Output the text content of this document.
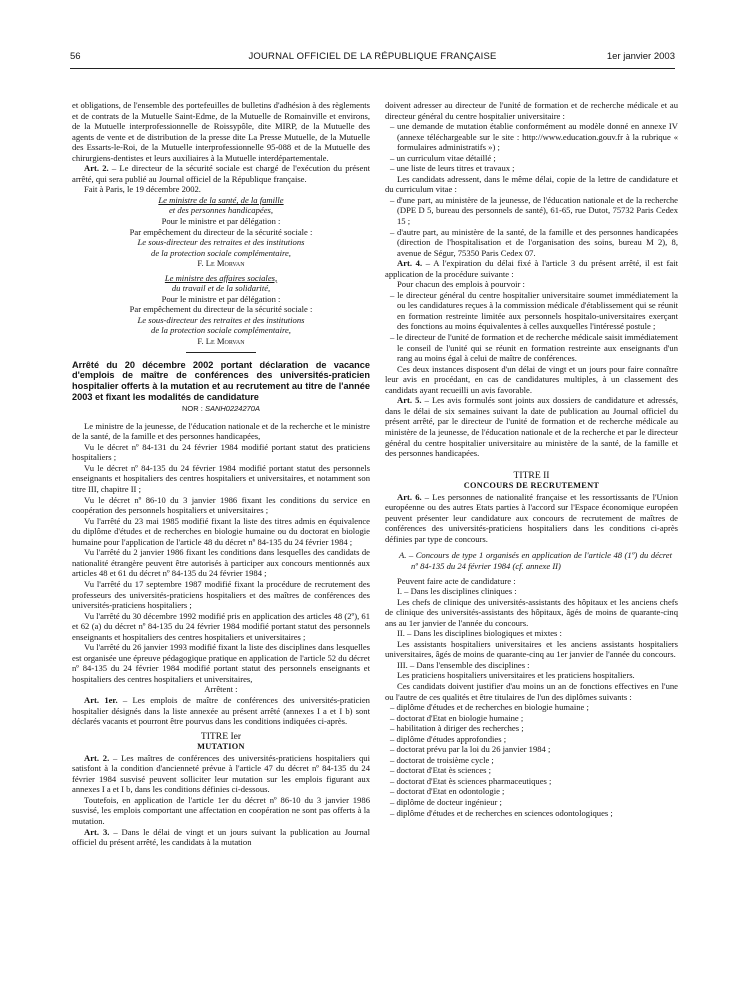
56	JOURNAL OFFICIEL DE LA RÉPUBLIQUE FRANÇAISE	1er janvier 2003

et obligations, de l'ensemble des portefeuilles de bulletins d'adhésion à des règlements et de contrats de la Mutuelle Saint-Edme, de la Mutuelle de Romainville et environs, de la Mutuelle interprofessionnelle de Roissypôle, dite MIRP, de la Mutuelle des agents de vente et de distribution de la presse dite La Presse Mutuelle, de la Mutuelle des Essarts-le-Roi, de la Mutuelle interprofessionnelle 95-088 et de la Mutuelle des chirurgiens-dentistes et leurs auxiliaires à la Mutuelle interdépartementale.

Art. 2. – Le directeur de la sécurité sociale est chargé de l'exécution du présent arrêté, qui sera publié au Journal officiel de la République française.

Fait à Paris, le 19 décembre 2002.

Le ministre de la santé, de la famille
et des personnes handicapées,
Pour le ministre et par délégation :
Par empêchement du directeur de la sécurité sociale :
Le sous-directeur des retraites et des institutions
de la protection sociale complémentaire,
F. Le Morvan
Le ministre des affaires sociales,
du travail et de la solidarité,
Pour le ministre et par délégation :
Par empêchement du directeur de la sécurité sociale :
Le sous-directeur des retraites et des institutions
de la protection sociale complémentaire,
F. Le Morvan
Arrêté du 20 décembre 2002 portant déclaration de vacance d'emplois de maître de conférences des universités-praticien hospitalier offerts à la mutation et au recrutement au titre de l'année 2003 et fixant les modalités de candidature
NOR : SANH0224270A

Le ministre de la jeunesse, de l'éducation nationale et de la recherche et le ministre de la santé, de la famille et des personnes handicapées,

Vu le décret nº 84-131 du 24 février 1984 modifié portant statut des praticiens hospitaliers ;

Vu le décret nº 84-135 du 24 février 1984 modifié portant statut des personnels enseignants et hospitaliers des centres hospitaliers et universitaires, et notamment son titre III, chapitre II ;

Vu le décret nº 86-10 du 3 janvier 1986 fixant les conditions du service en coopération des personnels hospitaliers et universitaires ;

Vu l'arrêté du 23 mai 1985 modifié fixant la liste des titres admis en équivalence du diplôme d'études et de recherches en biologie humaine ou du doctorat en biologie humaine pour l'application de l'article 48 du décret nº 84-135 du 24 février 1984 ;

Vu l'arrêté du 2 janvier 1986 fixant les conditions dans lesquelles des candidats de nationalité étrangère peuvent être autorisés à participer aux concours mentionnés aux articles 48 et 61 du décret nº 84-135 du 24 février 1984 ;

Vu l'arrêté du 17 septembre 1987 modifié fixant la procédure de recrutement des professeurs des universités-praticiens hospitaliers et des maîtres de conférences des universités-praticiens hospitaliers ;

Vu l'arrêté du 30 décembre 1992 modifié pris en application des articles 48 (2º), 61 et 62 (a) du décret nº 84-135 du 24 février 1984 modifié portant statut des personnels enseignants et hospitaliers des centres hospitaliers et universitaires ;

Vu l'arrêté du 26 janvier 1993 modifié fixant la liste des disciplines dans lesquelles est organisée une épreuve pédagogique pratique en application de l'article 52 du décret nº 84-135 du 24 février 1984 modifié portant statut des personnels enseignants et hospitaliers des centres hospitaliers et universitaires,

Arrêtent :

Art. 1er. – Les emplois de maître de conférences des universités-praticien hospitalier désignés dans la liste annexée au présent arrêté (annexes I a et I b) sont déclarés vacants et pourront être pourvus dans les conditions indiquées ci-après.

TITRE Ier
MUTATION

Art. 2. – Les maîtres de conférences des universités-praticiens hospitaliers qui satisfont à la condition d'ancienneté prévue à l'article 47 du décret nº 84-135 du 24 février 1984 susvisé peuvent solliciter leur mutation sur les emplois figurant aux annexes I a et I b, dans les conditions définies ci-dessous.

Toutefois, en application de l'article 1er du décret nº 86-10 du 3 janvier 1986 susvisé, les emplois comportant une affectation en coopération ne sont pas offerts à la mutation.

Art. 3. – Dans le délai de vingt et un jours suivant la publication au Journal officiel du présent arrêté, les candidats à la mutation

doivent adresser au directeur de l'unité de formation et de recherche médicale et au directeur général du centre hospitalier universitaire :

– une demande de mutation établie conformément au modèle donné en annexe IV (annexe téléchargeable sur le site : http://www.education.gouv.fr à la rubrique « formulaires administratifs ») ;

– un curriculum vitae détaillé ;

– une liste de leurs titres et travaux ;

Les candidats adressent, dans le même délai, copie de la lettre de candidature et du curriculum vitae :

– d'une part, au ministère de la jeunesse, de l'éducation nationale et de la recherche (DPE D 5, bureau des personnels de santé), 61-65, rue Dutot, 75732 Paris Cedex 15 ;

– d'autre part, au ministère de la santé, de la famille et des personnes handicapées (direction de l'hospitalisation et de l'organisation des soins, bureau M 2), 8, avenue de Ségur, 75350 Paris Cedex 07.

Art. 4. – A l'expiration du délai fixé à l'article 3 du présent arrêté, il est fait application de la procédure suivante :

Pour chacun des emplois à pourvoir :

– le directeur général du centre hospitalier universitaire soumet immédiatement la ou les candidatures reçues à la commission médicale d'établissement qui se réunit en formation restreinte limitée aux personnels hospitalo-universitaires exerçant des fonctions au moins équivalentes à celles auxquelles l'intéressé postule ;

– le directeur de l'unité de formation et de recherche médicale saisit immédiatement le conseil de l'unité qui se réunit en formation restreinte aux enseignants d'un rang au moins égal à celui de maître de conférences.

Ces deux instances disposent d'un délai de vingt et un jours pour faire connaître leur avis en procédant, en cas de candidatures multiples, à un classement des candidats ayant recueilli un avis favorable.

Art. 5. – Les avis formulés sont joints aux dossiers de candidature et adressés, dans le délai de six semaines suivant la date de publication au Journal officiel du présent arrêté, par le directeur de l'unité de formation et de recherche médicale au ministère de la jeunesse, de l'éducation nationale et de la recherche et par le directeur général du centre hospitalier universitaire au ministère de la santé, de la famille et des personnes handicapées.

TITRE II
CONCOURS DE RECRUTEMENT

Art. 6. – Les personnes de nationalité française et les ressortissants de l'Union européenne ou des autres Etats parties à l'accord sur l'Espace économique européen peuvent présenter leur candidature aux concours de recrutement de maîtres de conférences des universités-praticiens hospitaliers dans les conditions ci-après définies par type de concours.

A. – Concours de type 1 organisés en application de l'article 48 (1º) du décret nº 84-135 du 24 février 1984 (cf. annexe II)

Peuvent faire acte de candidature :

I. – Dans les disciplines cliniques :

Les chefs de clinique des universités-assistants des hôpitaux et les anciens chefs de clinique des universités-assistants des hôpitaux, âgés de moins de quarante-cinq ans au 1er janvier de l'année du concours.

II. – Dans les disciplines biologiques et mixtes :

Les assistants hospitaliers universitaires et les anciens assistants hospitaliers universitaires, âgés de moins de quarante-cinq au 1er janvier de l'année du concours.

III. – Dans l'ensemble des disciplines :

Les praticiens hospitaliers universitaires et les praticiens hospitaliers.

Ces candidats doivent justifier d'au moins un an de fonctions effectives en l'une ou l'autre de ces qualités et être titulaires de l'un des diplômes suivants :

– diplôme d'études et de recherches en biologie humaine ;

– doctorat d'Etat en biologie humaine ;

– habilitation à diriger des recherches ;

– diplôme d'études approfondies ;

– doctorat prévu par la loi du 26 janvier 1984 ;

– doctorat de troisième cycle ;

– doctorat d'Etat ès sciences ;

– doctorat d'Etat ès sciences pharmaceutiques ;

– doctorat d'Etat en odontologie ;

– diplôme de docteur ingénieur ;

– diplôme d'études et de recherches en sciences odontologiques ;
